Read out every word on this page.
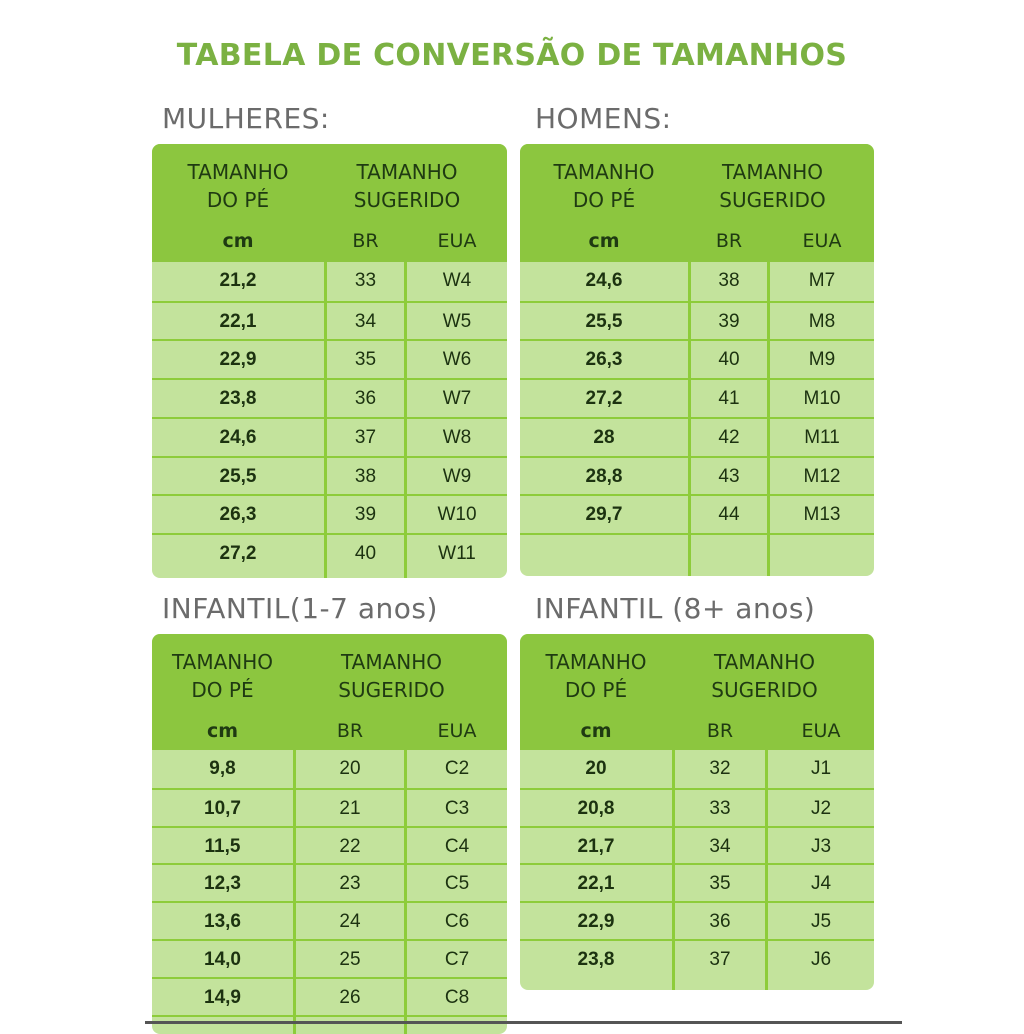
TABELA DE CONVERSÃO DE TAMANHOS
MULHERES:	HOMENS:
INFANTIL(1-7 anos)	INFANTIL (8+ anos)
TAMANHO
DO PÉ
TAMANHO
SUGERIDO
cm	BR	EUA
21,2	33	W4
22,1	34	W5
22,9	35	W6
23,8	36	W7
24,6	37	W8
25,5	38	W9
26,3	39	W10
27,2	40	W11
TAMANHO
DO PÉ
TAMANHO
SUGERIDO
cm	BR	EUA
24,6	38	M7
25,5	39	M8
26,3	40	M9
27,2	41	M10
28	42	M11
28,8	43	M12
29,7	44	M13
TAMANHO
DO PÉ
TAMANHO
SUGERIDO
cm	BR	EUA
9,8	20	C2
10,7	21	C3
11,5	22	C4
12,3	23	C5
13,6	24	C6
14,0	25	C7
14,9	26	C8
TAMANHO
DO PÉ
TAMANHO
SUGERIDO
cm	BR	EUA
20	32	J1
20,8	33	J2
21,7	34	J3
22,1	35	J4
22,9	36	J5
23,8	37	J6
